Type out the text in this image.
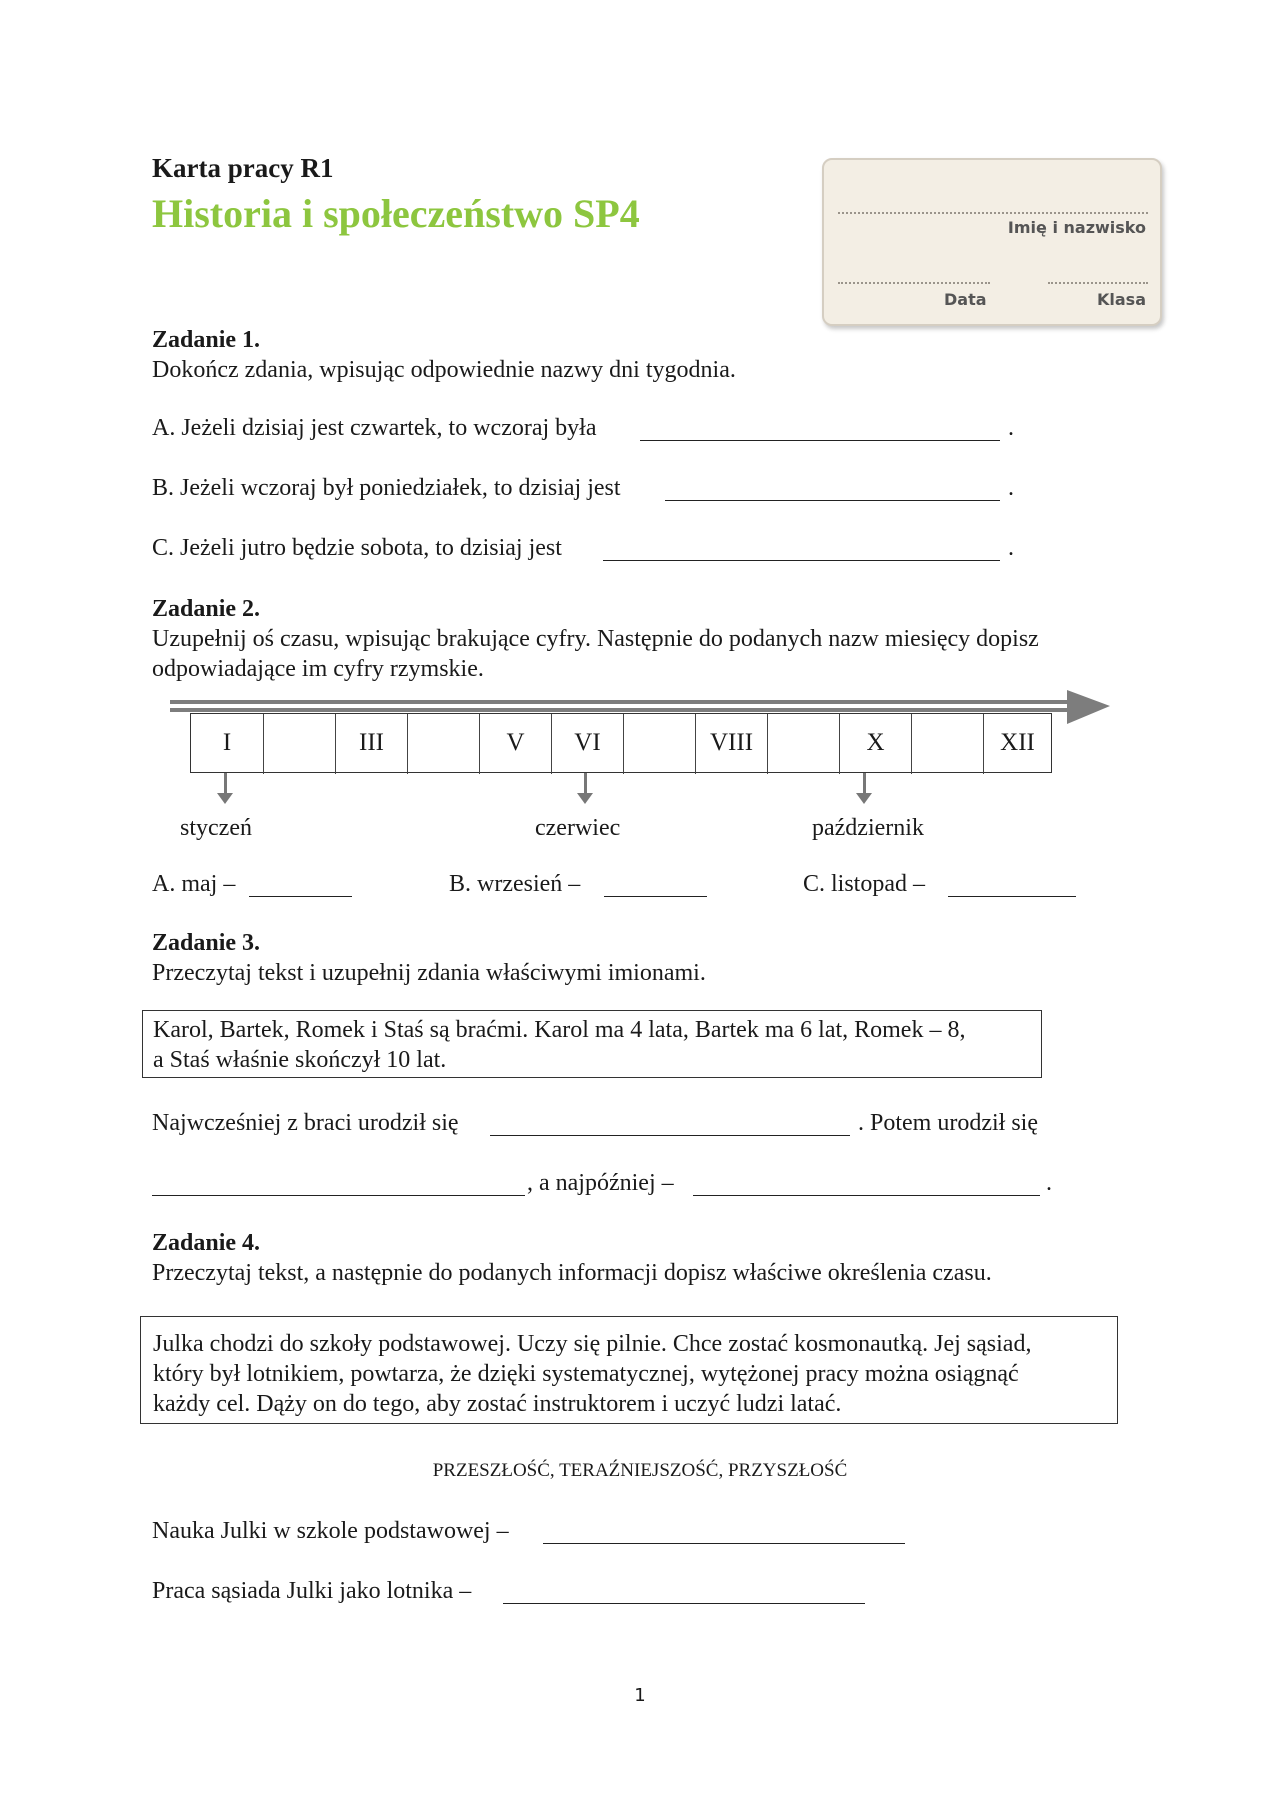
Karta pracy R1
Historia i społeczeństwo SP4	Imię i nazwisko
Data	Klasa
Zadanie 1.
Dokończ zdania, wpisując odpowiednie nazwy dni tygodnia.
A. Jeżeli dzisiaj jest czwartek, to wczoraj była	.
B. Jeżeli wczoraj był poniedziałek, to dzisiaj jest	.
C. Jeżeli jutro będzie sobota, to dzisiaj jest	.
Zadanie 2.
Uzupełnij oś czasu, wpisując brakujące cyfry. Następnie do podanych nazw miesięcy dopisz
odpowiadające im cyfry rzymskie.
I	III	V	VI	VIII	X	XII
styczeń	czerwiec	październik
A. maj –	B. wrzesień –	C. listopad –
Zadanie 3.
Przeczytaj tekst i uzupełnij zdania właściwymi imionami.
Karol, Bartek, Romek i Staś są braćmi. Karol ma 4 lata, Bartek ma 6 lat, Romek – 8,
a Staś właśnie skończył 10 lat.
Najwcześniej z braci urodził się	. Potem urodził się
, a najpóźniej –	.
Zadanie 4.
Przeczytaj tekst, a następnie do podanych informacji dopisz właściwe określenia czasu.
Julka chodzi do szkoły podstawowej. Uczy się pilnie. Chce zostać kosmonautką. Jej sąsiad,
który był lotnikiem, powtarza, że dzięki systematycznej, wytężonej pracy można osiągnąć
każdy cel. Dąży on do tego, aby zostać instruktorem i uczyć ludzi latać.
PRZESZŁOŚĆ, TERAŹNIEJSZOŚĆ, PRZYSZŁOŚĆ
Nauka Julki w szkole podstawowej –
Praca sąsiada Julki jako lotnika –
1
